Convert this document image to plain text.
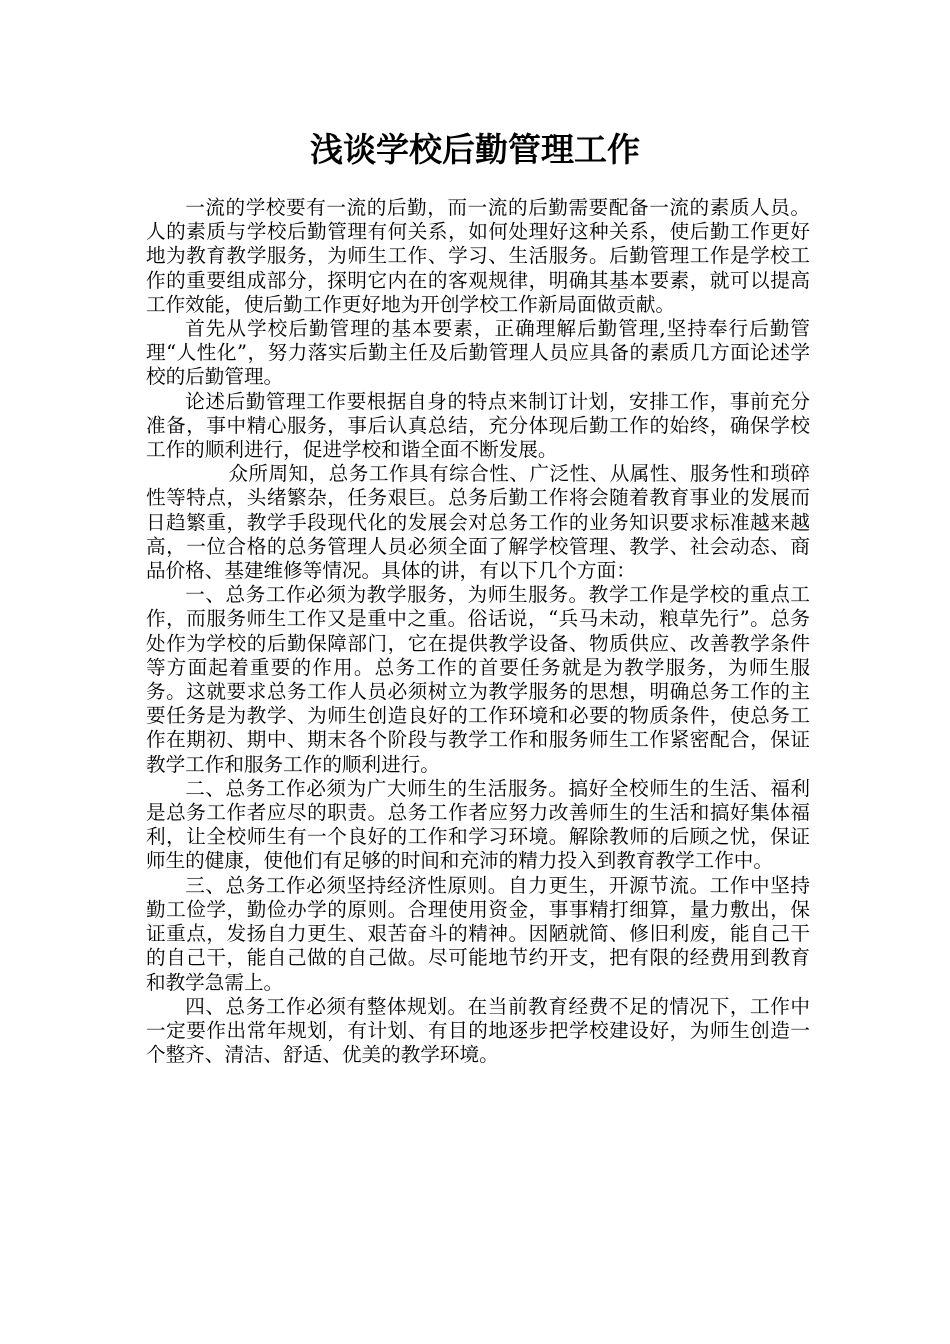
浅谈学校后勤管理工作

一流的学校要有一流的后勤，而一流的后勤需要配备一流的素质人员。人的素质与学校后勤管理有何关系，如何处理好这种关系，使后勤工作更好地为教育教学服务，为师生工作、学习、生活服务。后勤管理工作是学校工作的重要组成部分，探明它内在的客观规律，明确其基本要素，就可以提高工作效能，使后勤工作更好地为开创学校工作新局面做贡献。

首先从学校后勤管理的基本要素，正确理解后勤管理,坚持奉行后勤管理“人性化”，努力落实后勤主任及后勤管理人员应具备的素质几方面论述学校的后勤管理。

论述后勤管理工作要根据自身的特点来制订计划，安排工作，事前充分准备，事中精心服务，事后认真总结，充分体现后勤工作的始终，确保学校工作的顺利进行，促进学校和谐全面不断发展。

众所周知，总务工作具有综合性、广泛性、从属性、服务性和琐碎性等特点，头绪繁杂，任务艰巨。总务后勤工作将会随着教育事业的发展而日趋繁重，教学手段现代化的发展会对总务工作的业务知识要求标准越来越高，一位合格的总务管理人员必须全面了解学校管理、教学、社会动态、商品价格、基建维修等情况。具体的讲，有以下几个方面：

一、总务工作必须为教学服务，为师生服务。教学工作是学校的重点工作，而服务师生工作又是重中之重。俗话说，“兵马未动，粮草先行”。总务处作为学校的后勤保障部门，它在提供教学设备、物质供应、改善教学条件等方面起着重要的作用。总务工作的首要任务就是为教学服务，为师生服务。这就要求总务工作人员必须树立为教学服务的思想，明确总务工作的主要任务是为教学、为师生创造良好的工作环境和必要的物质条件，使总务工作在期初、期中、期末各个阶段与教学工作和服务师生工作紧密配合，保证教学工作和服务工作的顺利进行。

二、总务工作必须为广大师生的生活服务。搞好全校师生的生活、福利是总务工作者应尽的职责。总务工作者应努力改善师生的生活和搞好集体福利，让全校师生有一个良好的工作和学习环境。解除教师的后顾之忧，保证师生的健康，使他们有足够的时间和充沛的精力投入到教育教学工作中。

三、总务工作必须坚持经济性原则。自力更生，开源节流。工作中坚持勤工俭学，勤俭办学的原则。合理使用资金，事事精打细算，量力敷出，保证重点，发扬自力更生、艰苦奋斗的精神。因陋就简、修旧利废，能自己干的自己干，能自己做的自己做。尽可能地节约开支，把有限的经费用到教育和教学急需上。

四、总务工作必须有整体规划。在当前教育经费不足的情况下，工作中一定要作出常年规划，有计划、有目的地逐步把学校建设好，为师生创造一个整齐、清洁、舒适、优美的教学环境。
